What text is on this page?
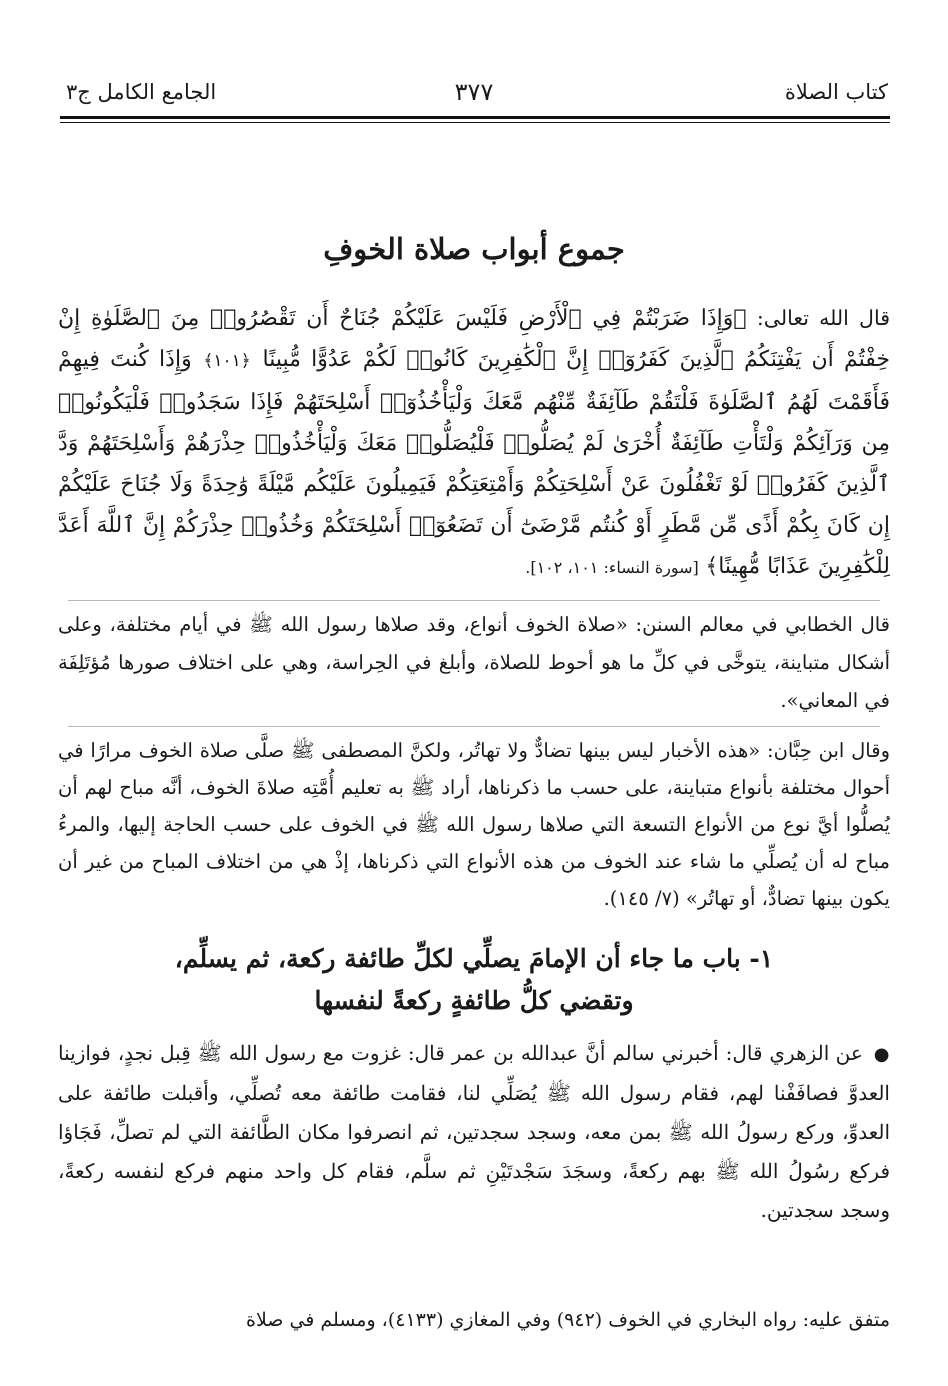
كتاب الصلاة
٣٧٧
الجامع الكامل ج٣
جموع أبواب صلاة الخوفِ
قال الله تعالى: ﴿وَإِذَا ضَرَبْتُمْ فِي ٱلْأَرْضِ فَلَيْسَ عَلَيْكُمْ جُنَاحٌ أَن تَقْصُرُوا۟ مِنَ ٱلصَّلَوٰةِ إِنْ خِفْتُمْ أَن يَفْتِنَكُمُ ٱلَّذِينَ كَفَرُوٓا۟ إِنَّ ٱلْكَٰفِرِينَ كَانُوا۟ لَكُمْ عَدُوًّا مُّبِينًا ﴿١٠١﴾ وَإِذَا كُنتَ فِيهِمْ فَأَقَمْتَ لَهُمُ ٱلصَّلَوٰةَ فَلْتَقُمْ طَآئِفَةٌ مِّنْهُم مَّعَكَ وَلْيَأْخُذُوٓا۟ أَسْلِحَتَهُمْ فَإِذَا سَجَدُوا۟ فَلْيَكُونُوا۟ مِن وَرَآئِكُمْ وَلْتَأْتِ طَآئِفَةٌ أُخْرَىٰ لَمْ يُصَلُّوا۟ فَلْيُصَلُّوا۟ مَعَكَ وَلْيَأْخُذُوا۟ حِذْرَهُمْ وَأَسْلِحَتَهُمْ وَدَّ ٱلَّذِينَ كَفَرُوا۟ لَوْ تَغْفُلُونَ عَنْ أَسْلِحَتِكُمْ وَأَمْتِعَتِكُمْ فَيَمِيلُونَ عَلَيْكُم مَّيْلَةً وَٰحِدَةً وَلَا جُنَاحَ عَلَيْكُمْ إِن كَانَ بِكُمْ أَذًى مِّن مَّطَرٍ أَوْ كُنتُم مَّرْضَىٰٓ أَن تَضَعُوٓا۟ أَسْلِحَتَكُمْ وَخُذُوا۟ حِذْرَكُمْ إِنَّ ٱللَّهَ أَعَدَّ لِلْكَٰفِرِينَ عَذَابًا مُّهِينًا﴾ [سورة النساء: ١٠١، ١٠٢].
قال الخطابي في معالم السنن: «صلاة الخوف أنواع، وقد صلاها رسول الله ﷺ في أيام مختلفة، وعلى أشكال متباينة، يتوخَّى في كلِّ ما هو أحوط للصلاة، وأبلغ في الحِراسة، وهي على اختلاف صورها مُؤتَلِفَة في المعاني».
وقال ابن حِبَّان: «هذه الأخبار ليس بينها تضادٌّ ولا تهاتُر، ولكنَّ المصطفى ﷺ صلَّى صلاة الخوف مرارًا في أحوال مختلفة بأنواع متباينة، على حسب ما ذكرناها، أراد ﷺ به تعليم أُمَّتِه صلاةَ الخوف، أنَّه مباح لهم أن يُصلُّوا أيَّ نوع من الأنواع التسعة التي صلاها رسول الله ﷺ في الخوف على حسب الحاجة إليها، والمرءُ مباح له أن يُصلِّي ما شاء عند الخوف من هذه الأنواع التي ذكرناها، إذْ هي من اختلاف المباح من غير أن يكون بينها تضادٌّ، أو تهاتُر» (٧/ ١٤٥).
١- باب ما جاء أن الإمامَ يصلِّي لكلِّ طائفة ركعة، ثم يسلِّم،
وتقضي كلُّ طائفةٍ ركعةً لنفسها
● عن الزهري قال: أخبرني سالم أنَّ عبدالله بن عمر قال: غزوت مع رسول الله ﷺ قِبل نجدٍ، فوازينا العدوَّ فصافَفْنا لهم، فقام رسول الله ﷺ يُصَلِّي لنا، فقامت طائفة معه تُصلِّي، وأقبلت طائفة على العدوِّ، وركع رسولُ الله ﷺ بمن معه، وسجد سجدتين، ثم انصرفوا مكان الطَّائفة التي لم تصلِّ، فَجَاؤا فركع رسُولُ الله ﷺ بهم ركعةً، وسجَدَ سَجْدتَيْنِ ثم سلَّم، فقام كل واحد منهم فركع لنفسه ركعةً، وسجد سجدتين.
متفق عليه: رواه البخاري في الخوف (٩٤٢) وفي المغازي (٤١٣٣)، ومسلم في صلاة
